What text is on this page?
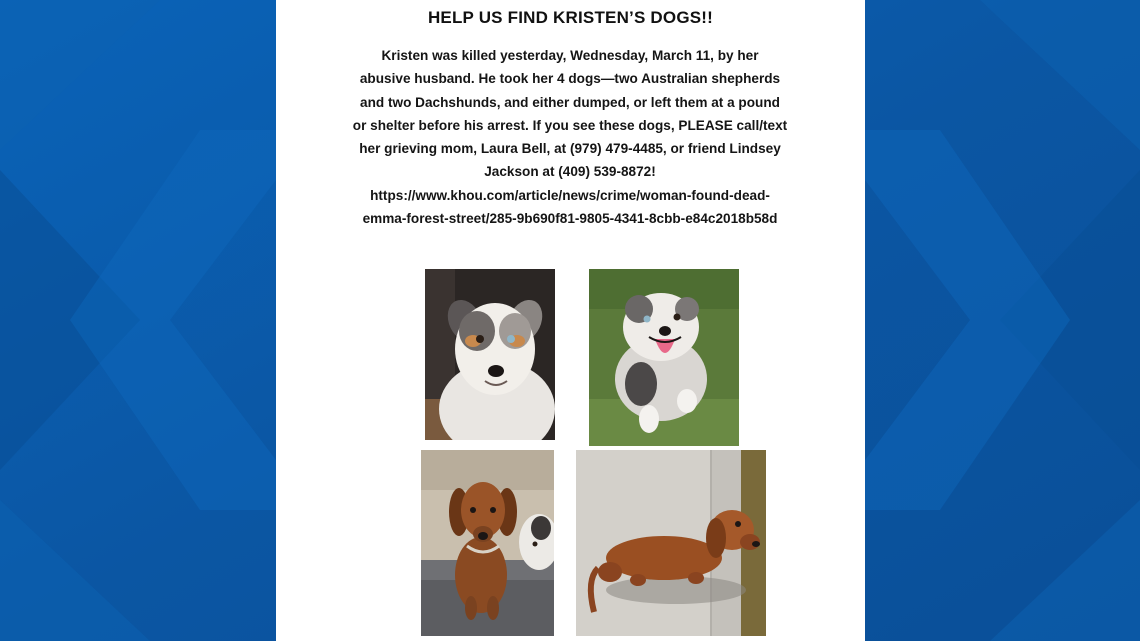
HELP US FIND KRISTEN’S DOGS!!
Kristen was killed yesterday, Wednesday, March 11, by her
abusive husband. He took her 4 dogs—two Australian shepherds
and two Dachshunds, and either dumped, or left them at a pound
or shelter before his arrest. If you see these dogs, PLEASE call/text
her grieving mom, Laura Bell, at (979) 479-4485, or friend Lindsey
Jackson at (409) 539-8872!
https://www.khou.com/article/news/crime/woman-found-dead-
emma-forest-street/285-9b690f81-9805-4341-8cbb-e84c2018b58d
